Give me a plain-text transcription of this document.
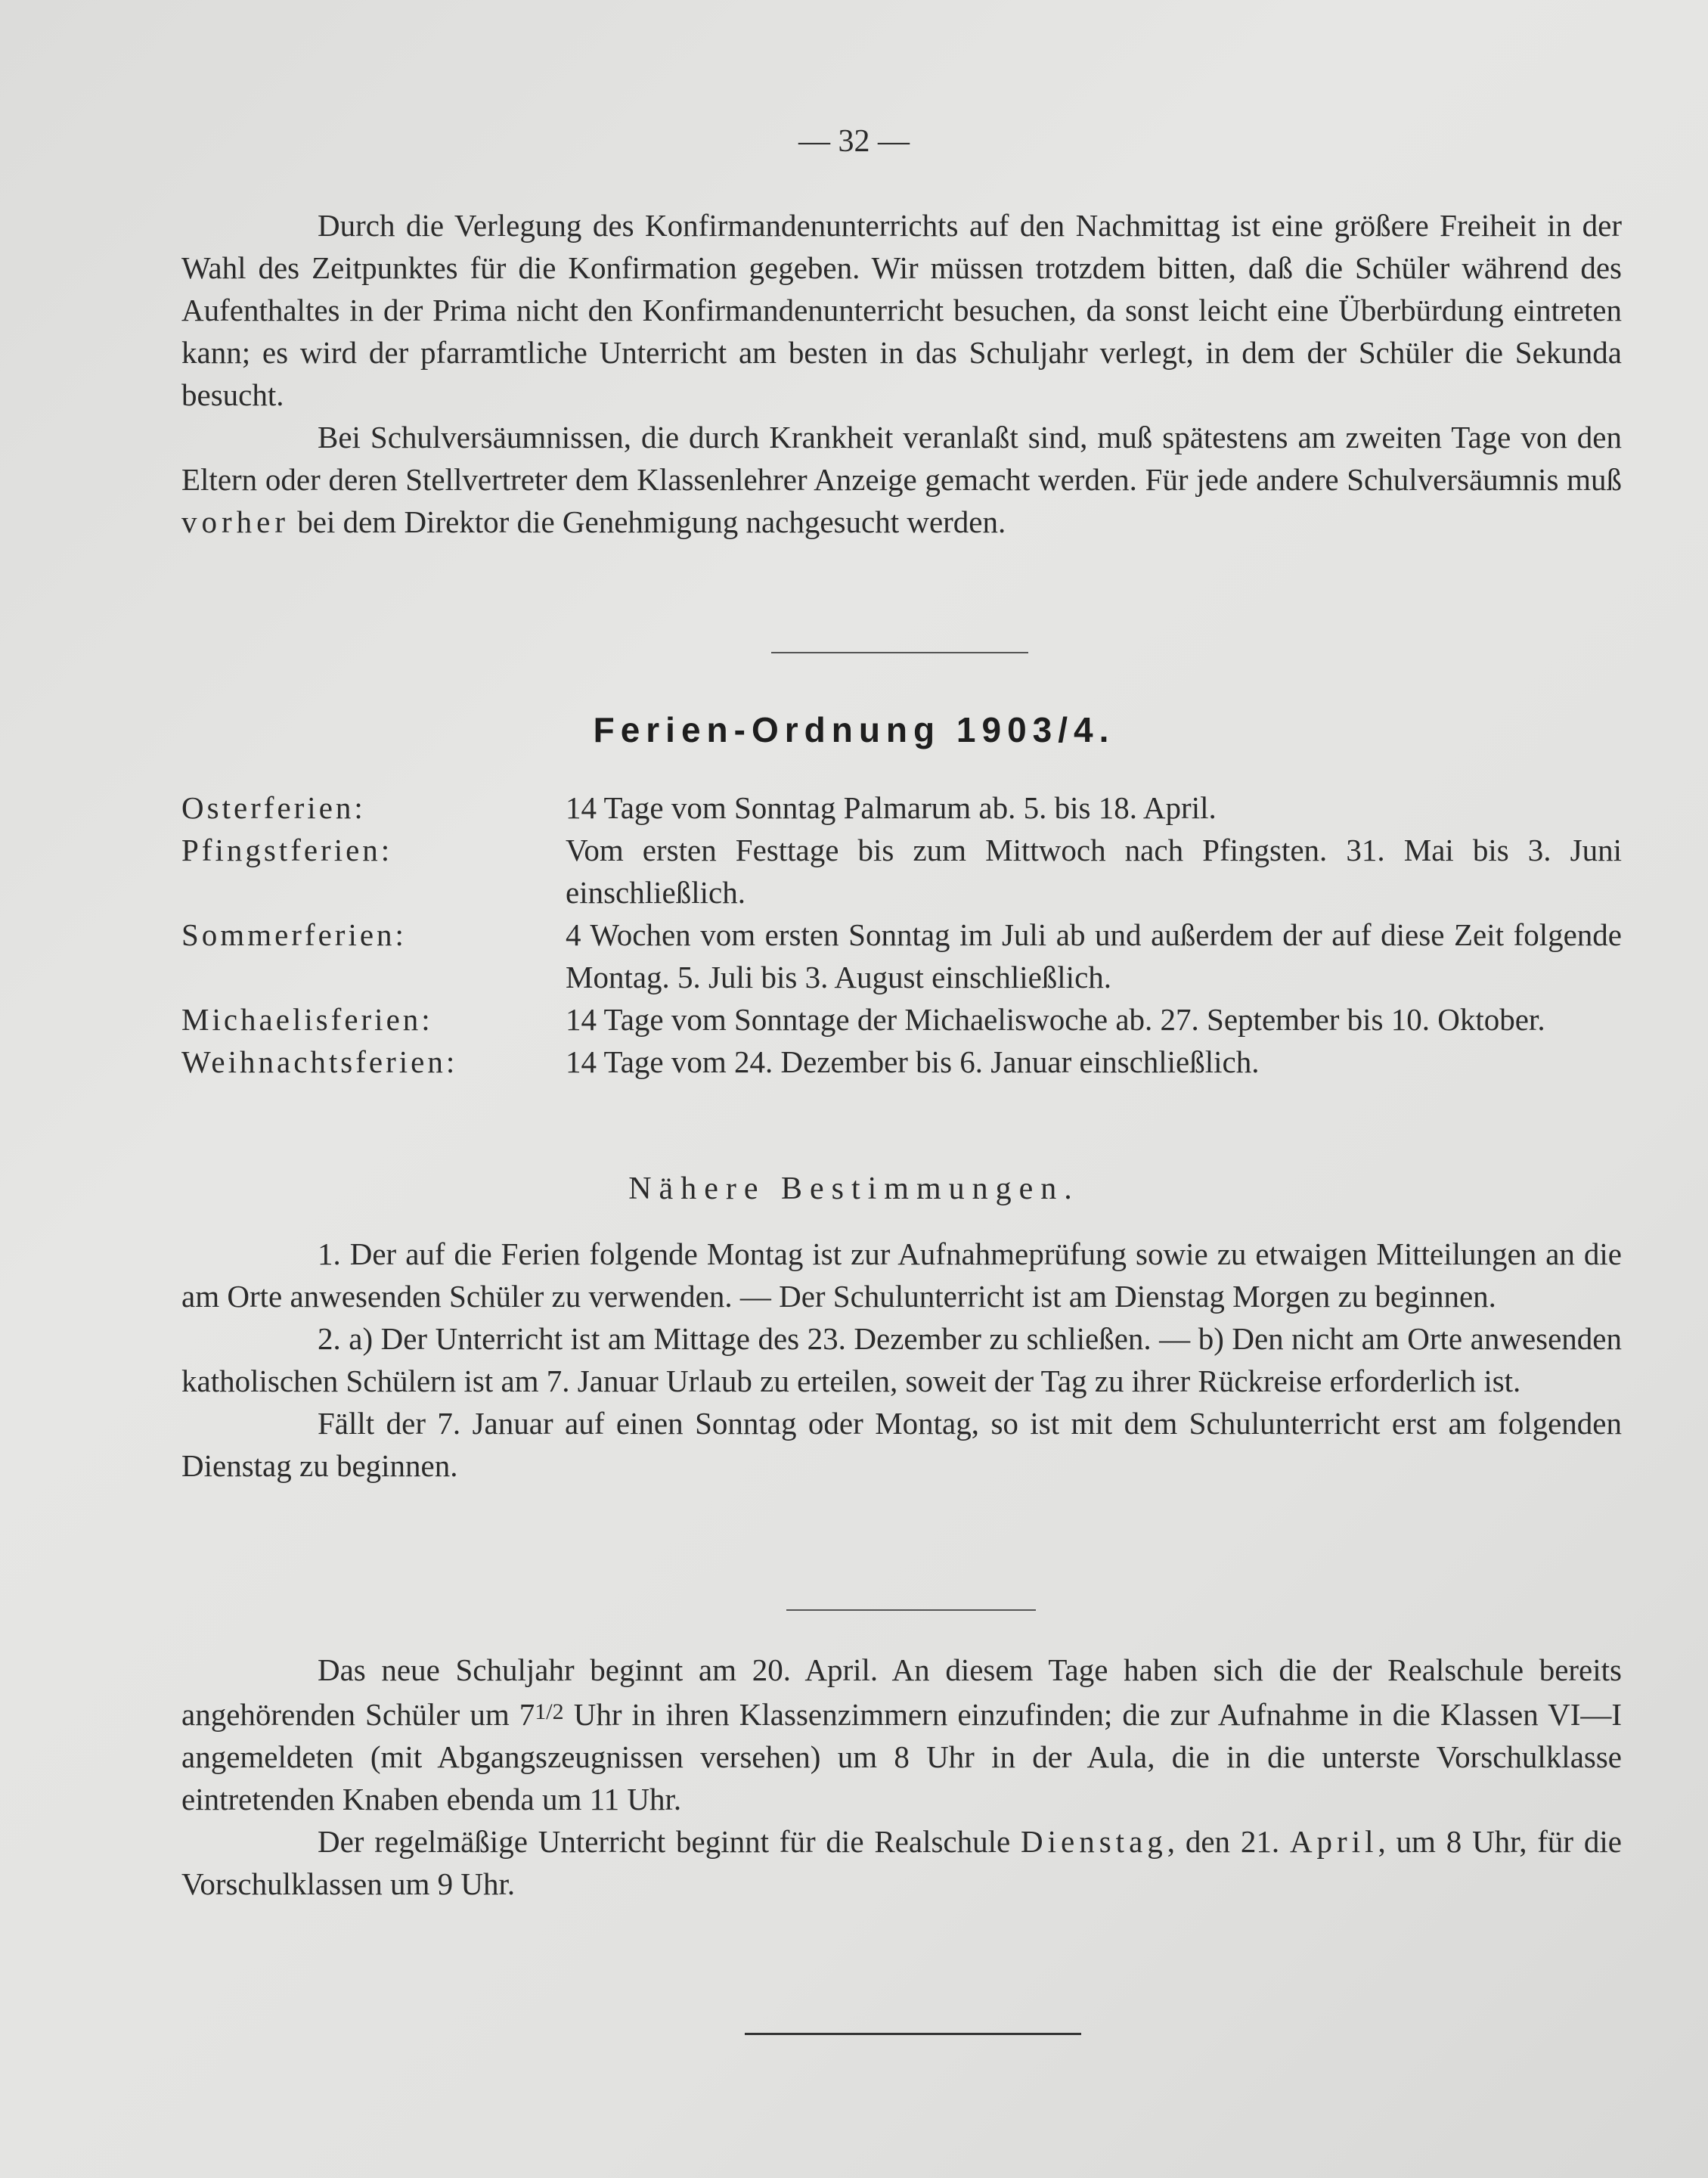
— 32 —

Durch die Verlegung des Konfirmandenunterrichts auf den Nachmittag ist eine größere Freiheit in der Wahl des Zeitpunktes für die Konfirmation gegeben. Wir müssen trotzdem bitten, daß die Schüler während des Aufenthaltes in der Prima nicht den Konfirmandenunterricht besuchen, da sonst leicht eine Überbürdung eintreten kann; es wird der pfarramtliche Unterricht am besten in das Schuljahr verlegt, in dem der Schüler die Sekunda besucht.

Bei Schulversäumnissen, die durch Krankheit veranlaßt sind, muß spätestens am zweiten Tage von den Eltern oder deren Stellvertreter dem Klassenlehrer Anzeige gemacht werden. Für jede andere Schulversäumnis muß vorher bei dem Direktor die Genehmigung nachgesucht werden.

Ferien-Ordnung 1903/4.
Osterferien:	14 Tage vom Sonntag Palmarum ab. 5. bis 18. April.
Pfingstferien:	Vom ersten Festtage bis zum Mittwoch nach Pfingsten. 31. Mai bis 3. Juni einschließlich.
Sommerferien:	4 Wochen vom ersten Sonntag im Juli ab und außerdem der auf diese Zeit folgende Montag. 5. Juli bis 3. August einschließlich.
Michaelisferien:	14 Tage vom Sonntage der Michaeliswoche ab. 27. September bis 10. Oktober.
Weihnachtsferien:	14 Tage vom 24. Dezember bis 6. Januar einschließlich.
Nähere Bestimmungen.

1. Der auf die Ferien folgende Montag ist zur Aufnahmeprüfung sowie zu etwaigen Mitteilungen an die am Orte anwesenden Schüler zu verwenden. — Der Schulunterricht ist am Dienstag Morgen zu beginnen.

2. a) Der Unterricht ist am Mittage des 23. Dezember zu schließen. — b) Den nicht am Orte anwesenden katholischen Schülern ist am 7. Januar Urlaub zu erteilen, soweit der Tag zu ihrer Rückreise erforderlich ist.

Fällt der 7. Januar auf einen Sonntag oder Montag, so ist mit dem Schulunterricht erst am folgenden Dienstag zu beginnen.

Das neue Schuljahr beginnt am 20. April. An diesem Tage haben sich die der Realschule bereits angehörenden Schüler um 71/2 Uhr in ihren Klassenzimmern einzufinden; die zur Aufnahme in die Klassen VI—I angemeldeten (mit Abgangszeugnissen versehen) um 8 Uhr in der Aula, die in die unterste Vorschulklasse eintretenden Knaben ebenda um 11 Uhr.

Der regelmäßige Unterricht beginnt für die Realschule Dienstag, den 21. April, um 8 Uhr, für die Vorschulklassen um 9 Uhr.
